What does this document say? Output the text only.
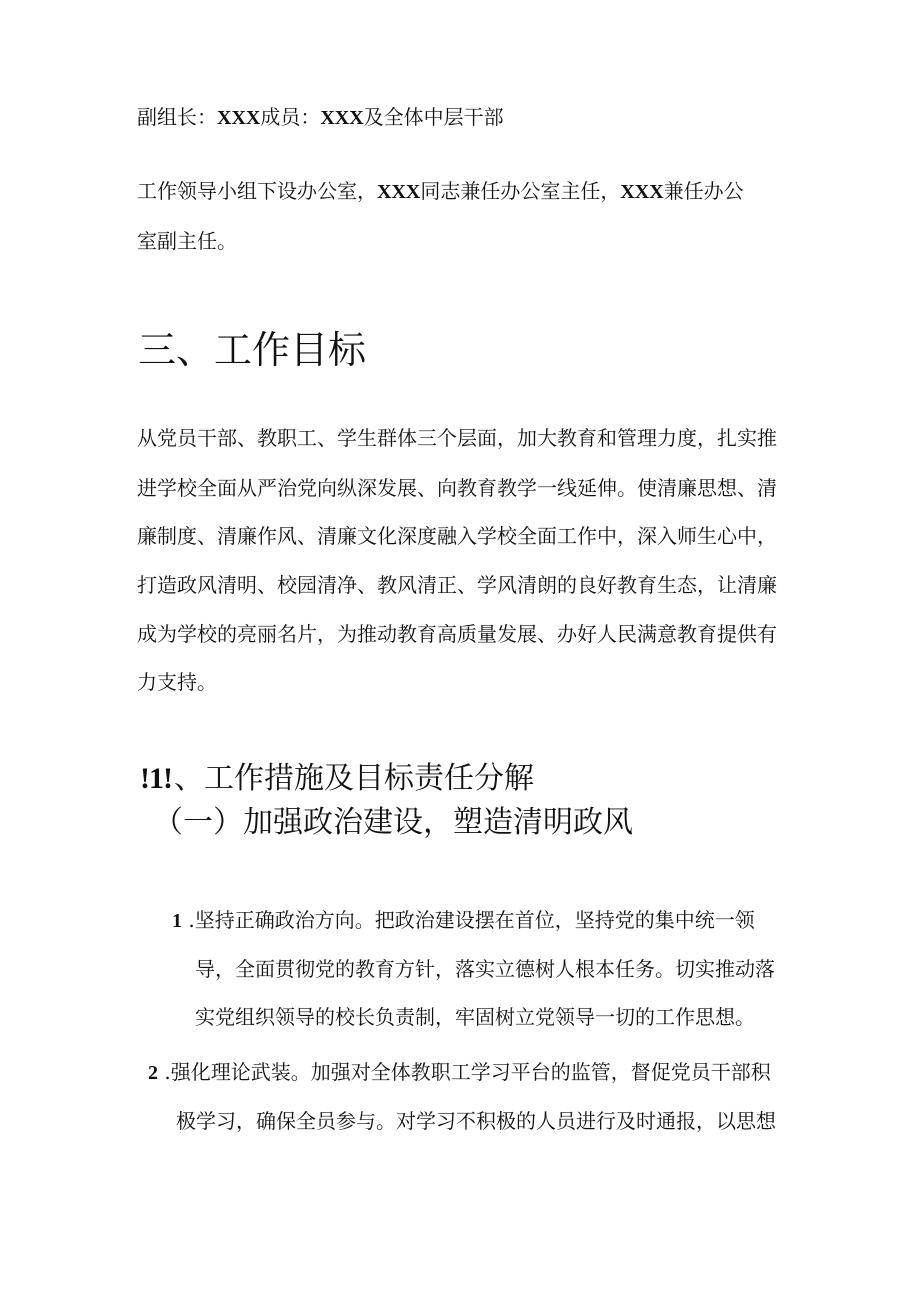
副组长：XXX成员：XXX及全体中层干部
工作领导小组下设办公室，XXX同志兼任办公室主任，XXX兼任办公
室副主任。
三、工作目标
从党员干部、教职工、学生群体三个层面，加大教育和管理力度，扎实推
进学校全面从严治党向纵深发展、向教育教学一线延伸。使清廉思想、清
廉制度、清廉作风、清廉文化深度融入学校全面工作中，深入师生心中，
打造政风清明、校园清净、教风清正、学风清朗的良好教育生态，让清廉
成为学校的亮丽名片，为推动教育高质量发展、办好人民满意教育提供有
力支持。
!1!、工作措施及目标责任分解
（一）加强政治建设，塑造清明政风
1 .坚持正确政治方向。把政治建设摆在首位，坚持党的集中统一领
导，全面贯彻党的教育方针，落实立德树人根本任务。切实推动落
实党组织领导的校长负责制，牢固树立党领导一切的工作思想。
2 .强化理论武装。加强对全体教职工学习平台的监管，督促党员干部积
极学习，确保全员参与。对学习不积极的人员进行及时通报，以思想
